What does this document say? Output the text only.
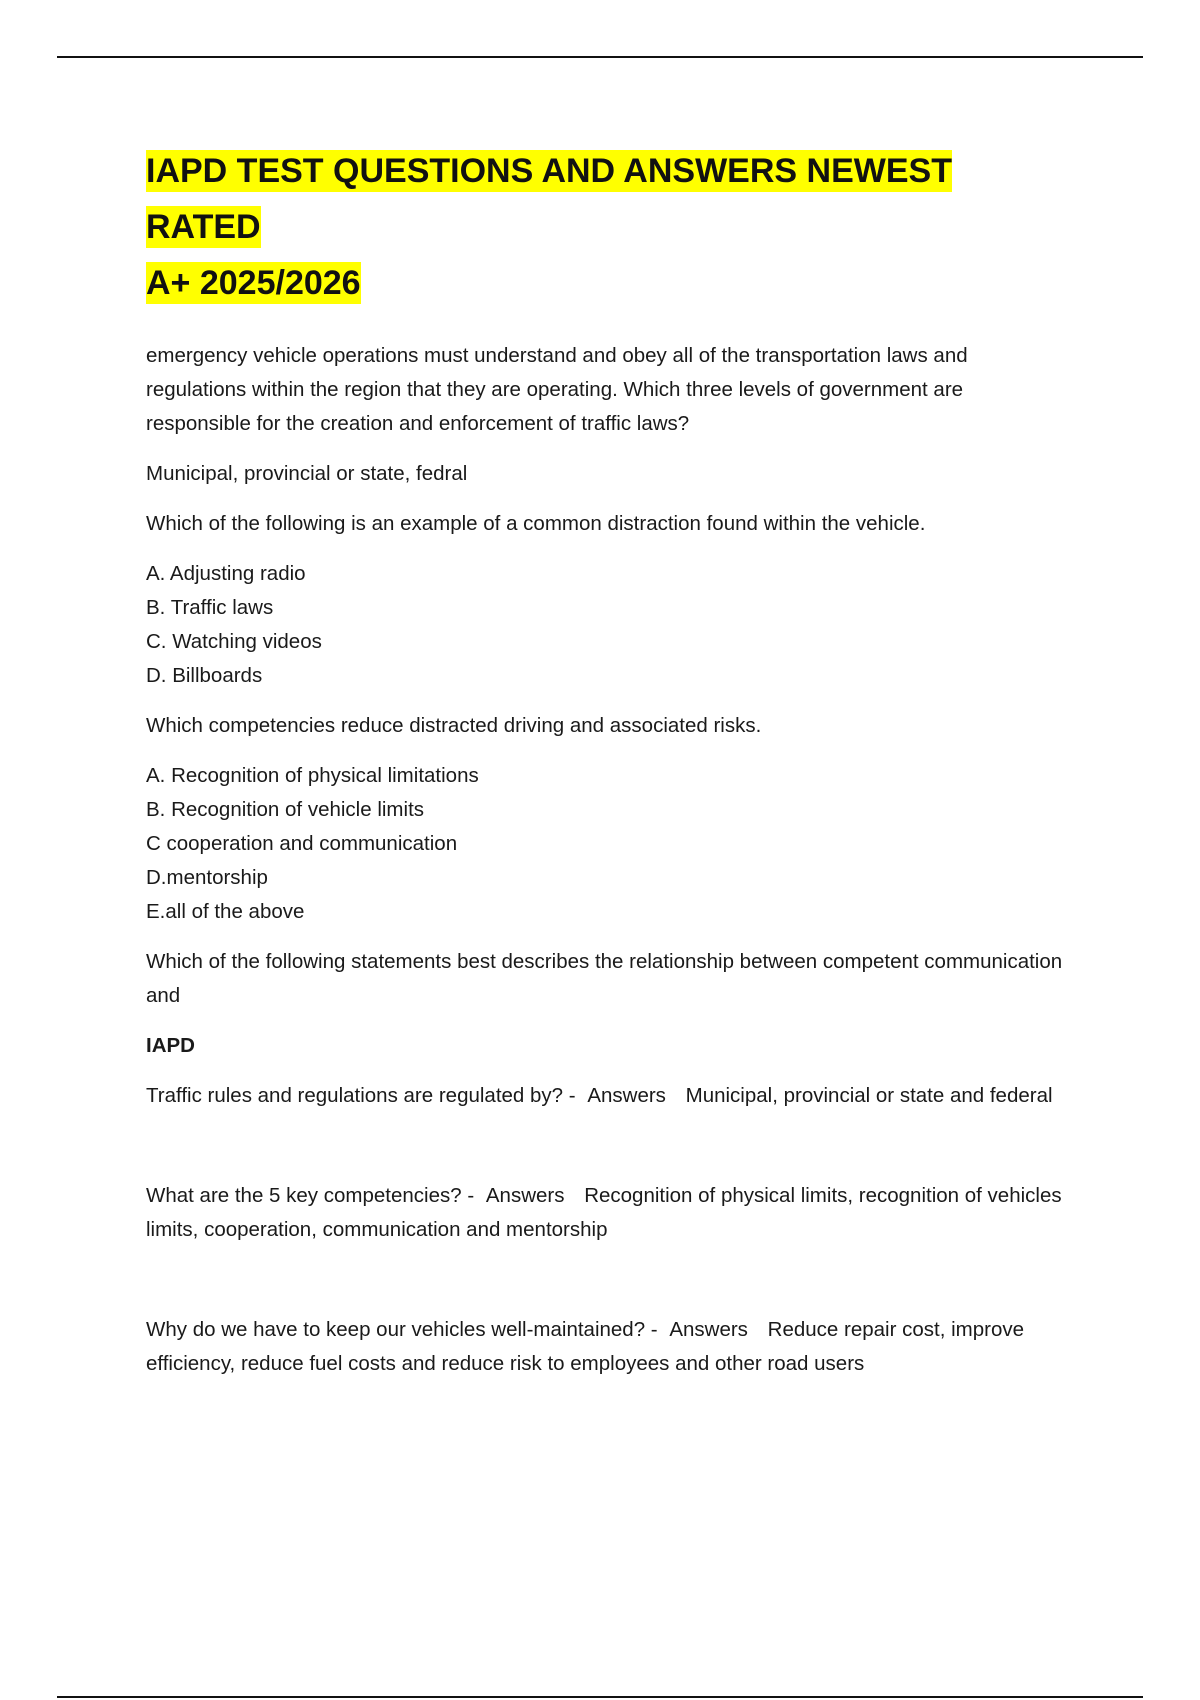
IAPD TEST QUESTIONS AND ANSWERS NEWEST RATED
A+ 2025/2026

emergency vehicle operations must understand and obey all of the transportation laws and regulations within the region that they are operating. Which three levels of government are responsible for the creation and enforcement of traffic laws?

Municipal, provincial or state, fedral

Which of the following is an example of a common distraction found within the vehicle.

A. Adjusting radio

B. Traffic laws

C. Watching videos

D. Billboards

Which competencies reduce distracted driving and associated risks.

A. Recognition of physical limitations

B. Recognition of vehicle limits

C cooperation and communication

D.mentorship

E.all of the above

Which of the following statements best describes the relationship between competent communication and

IAPD

Traffic rules and regulations are regulated by? - Answers Municipal, provincial or state and federal

What are the 5 key competencies? - Answers Recognition of physical limits, recognition of vehicles limits, cooperation, communication and mentorship

Why do we have to keep our vehicles well-maintained? - Answers Reduce repair cost, improve efficiency, reduce fuel costs and reduce risk to employees and other road users
